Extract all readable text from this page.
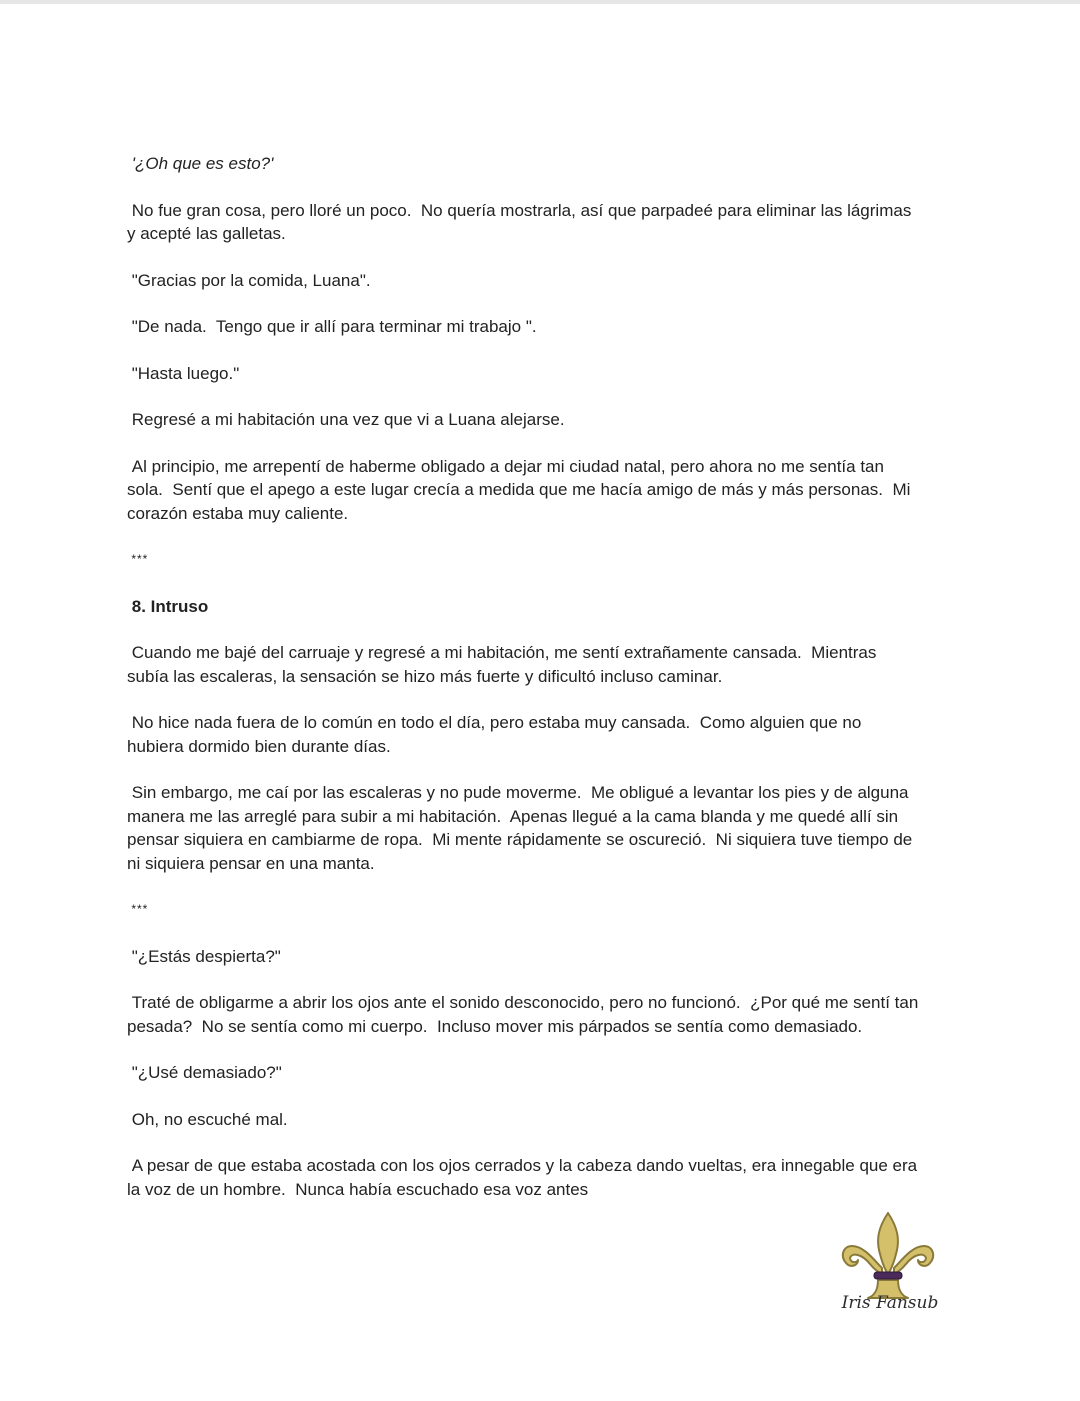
'¿Oh que es esto?'

No fue gran cosa, pero lloré un poco.  No quería mostrarla, así que parpadeé para eliminar las lágrimas
y acepté las galletas.

"Gracias por la comida, Luana".

"De nada.  Tengo que ir allí para terminar mi trabajo ".

"Hasta luego."

Regresé a mi habitación una vez que vi a Luana alejarse.

Al principio, me arrepentí de haberme obligado a dejar mi ciudad natal, pero ahora no me sentía tan
sola.  Sentí que el apego a este lugar crecía a medida que me hacía amigo de más y más personas.  Mi
corazón estaba muy caliente.

***

8. Intruso

Cuando me bajé del carruaje y regresé a mi habitación, me sentí extrañamente cansada.  Mientras
subía las escaleras, la sensación se hizo más fuerte y dificultó incluso caminar.

No hice nada fuera de lo común en todo el día, pero estaba muy cansada.  Como alguien que no
hubiera dormido bien durante días.

Sin embargo, me caí por las escaleras y no pude moverme.  Me obligué a levantar los pies y de alguna
manera me las arreglé para subir a mi habitación.  Apenas llegué a la cama blanda y me quedé allí sin
pensar siquiera en cambiarme de ropa.  Mi mente rápidamente se oscureció.  Ni siquiera tuve tiempo de
ni siquiera pensar en una manta.

***

"¿Estás despierta?"

Traté de obligarme a abrir los ojos ante el sonido desconocido, pero no funcionó.  ¿Por qué me sentí tan
pesada?  No se sentía como mi cuerpo.  Incluso mover mis párpados se sentía como demasiado.

"¿Usé demasiado?"

Oh, no escuché mal.

A pesar de que estaba acostada con los ojos cerrados y la cabeza dando vueltas, era innegable que era
la voz de un hombre.  Nunca había escuchado esa voz antes

Iris Fansub
